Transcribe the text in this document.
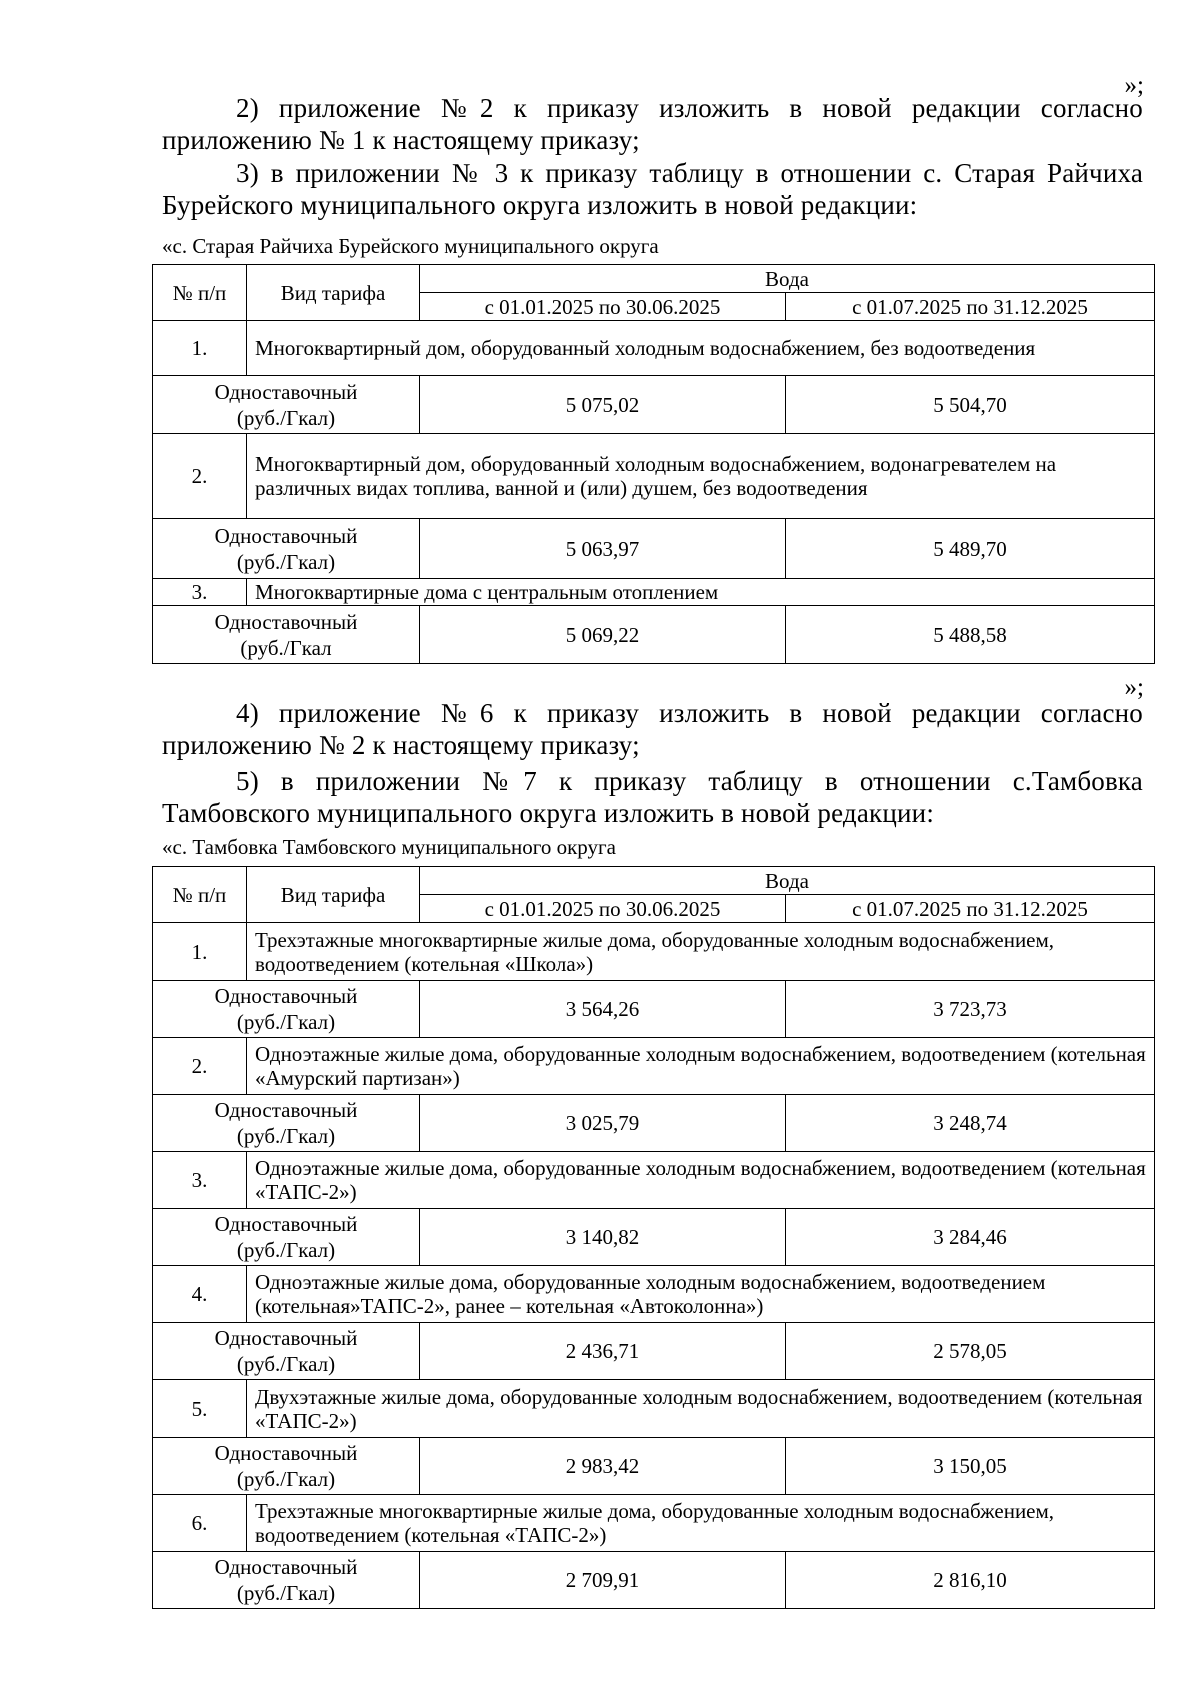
»;
2) приложение №2 к приказу изложить в новой редакции согласно
приложению № 1 к настоящему приказу;
3) в приложении № 3 к приказу таблицу в отношении с. Старая Райчиха
Бурейского муниципального округа изложить в новой редакции:
«с. Старая Райчиха Бурейского муниципального округа
№ п/п	Вид тарифа	Вода	
		с 01.01.2025 по 30.06.2025	с 01.07.2025 по 31.12.2025
1.	Многоквартирный дом, оборудованный холодным водоснабжением, без водоотведения		
Одноставочный
(руб./Гкал)		5 075,02	5 504,70
2.	Многоквартирный дом, оборудованный холодным водоснабжением, водонагревателем на различных видах топлива, ванной и (или) душем, без водоотведения		
Одноставочный
(руб./Гкал)		5 063,97	5 489,70
3.	Многоквартирные дома с центральным отоплением		
Одноставочный
(руб./Гкал		5 069,22	5 488,58
»;
4) приложение №6 к приказу изложить в новой редакции согласно
приложению № 2 к настоящему приказу;
5) в приложении №7 к приказу таблицу в отношении с.Тамбовка
Тамбовского муниципального округа изложить в новой редакции:
«с. Тамбовка Тамбовского муниципального округа
№ п/п	Вид тарифа	Вода	
		с 01.01.2025 по 30.06.2025	с 01.07.2025 по 31.12.2025
1.	Трехэтажные многоквартирные жилые дома, оборудованные холодным водоснабжением, водоотведением (котельная «Школа»)		
Одноставочный
(руб./Гкал)		3 564,26	3 723,73
2.	Одноэтажные жилые дома, оборудованные холодным водоснабжением, водоотведением (котельная «Амурский партизан»)		
Одноставочный
(руб./Гкал)		3 025,79	3 248,74
3.	Одноэтажные жилые дома, оборудованные холодным водоснабжением, водоотведением (котельная «ТАПС-2»)		
Одноставочный
(руб./Гкал)		3 140,82	3 284,46
4.	Одноэтажные жилые дома, оборудованные холодным водоснабжением, водоотведением (котельная»ТАПС-2», ранее – котельная «Автоколонна»)		
Одноставочный
(руб./Гкал)		2 436,71	2 578,05
5.	Двухэтажные жилые дома, оборудованные холодным водоснабжением, водоотведением (котельная «ТАПС-2»)		
Одноставочный
(руб./Гкал)		2 983,42	3 150,05
6.	Трехэтажные многоквартирные жилые дома, оборудованные холодным водоснабжением, водоотведением (котельная «ТАПС-2»)		
Одноставочный
(руб./Гкал)		2 709,91	2 816,10
